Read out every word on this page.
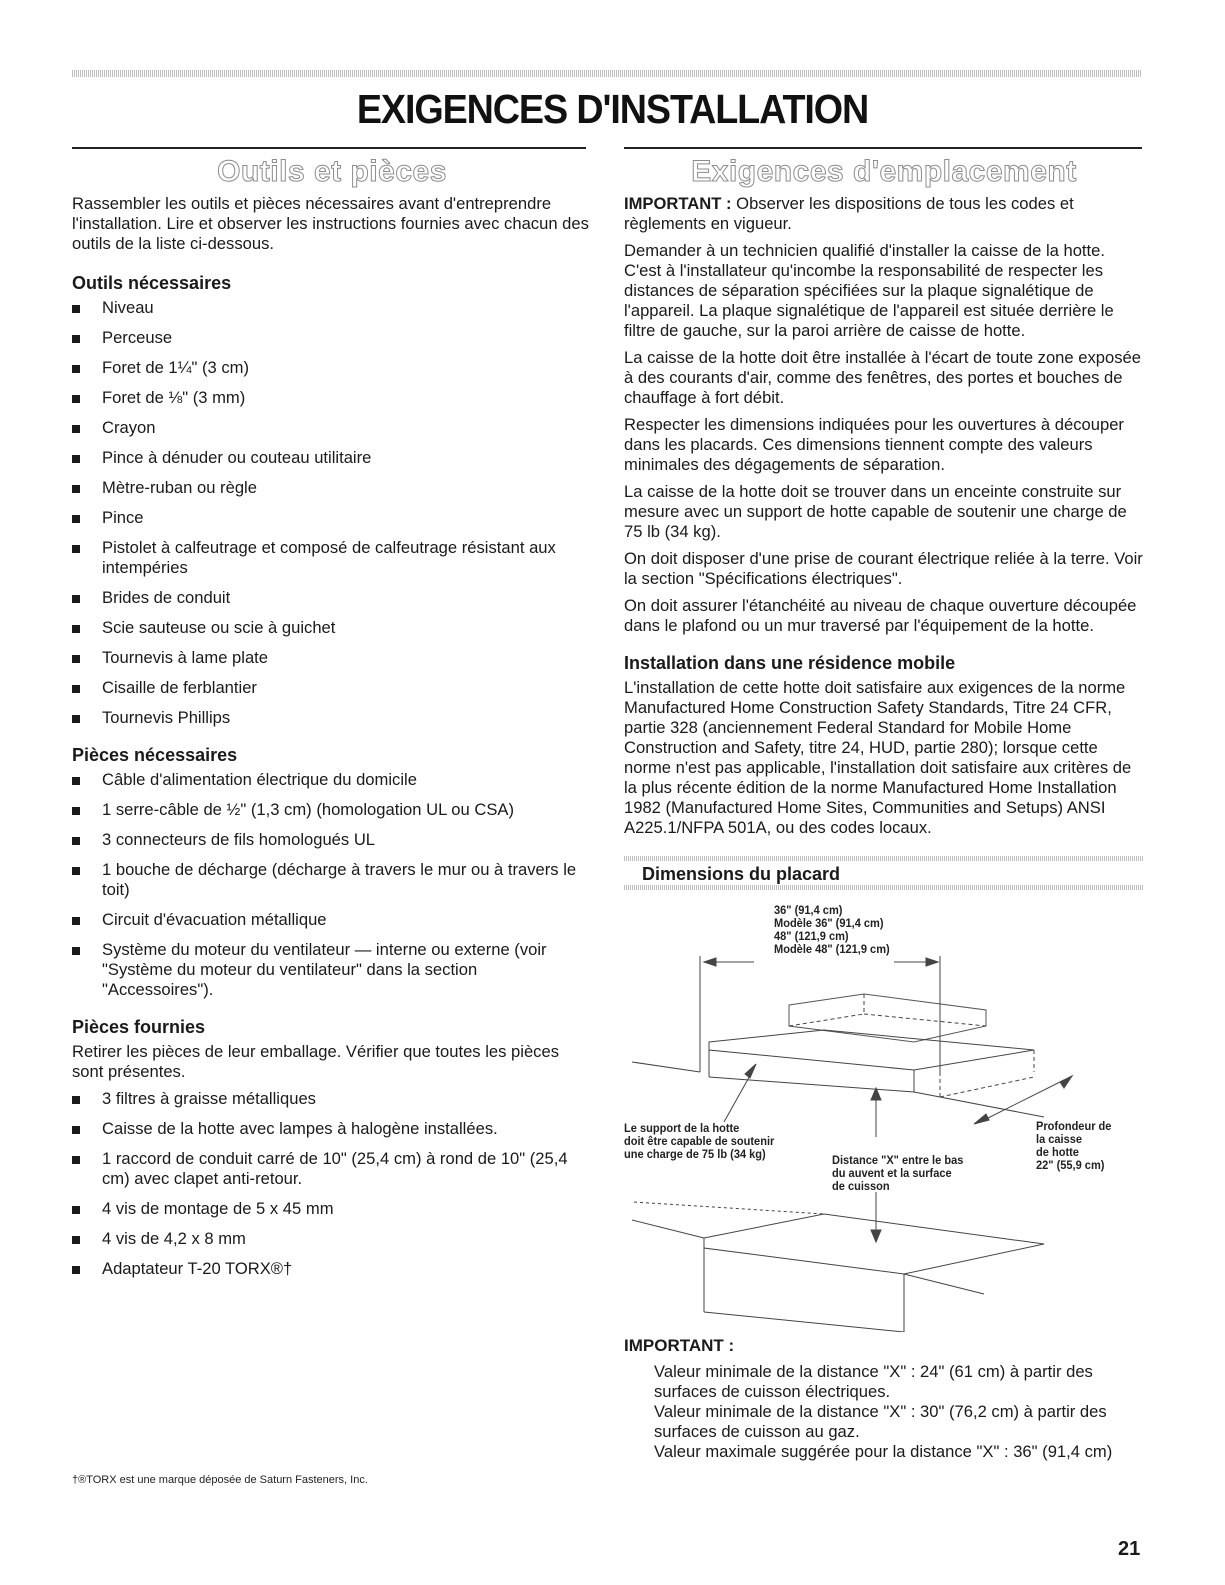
EXIGENCES D'INSTALLATION
Outils et pièces

Rassembler les outils et pièces nécessaires avant d'entreprendre l'installation. Lire et observer les instructions fournies avec chacun des outils de la liste ci-dessous.

Outils nécessaires
Niveau
Perceuse
Foret de 1¼" (3 cm)
Foret de ⅛" (3 mm)
Crayon
Pince à dénuder ou couteau utilitaire
Mètre-ruban ou règle
Pince
Pistolet à calfeutrage et composé de calfeutrage résistant aux intempéries
Brides de conduit
Scie sauteuse ou scie à guichet
Tournevis à lame plate
Cisaille de ferblantier
Tournevis Phillips
Pièces nécessaires
Câble d'alimentation électrique du domicile
1 serre-câble de ½" (1,3 cm) (homologation UL ou CSA)
3 connecteurs de fils homologués UL
1 bouche de décharge (décharge à travers le mur ou à travers le toit)
Circuit d'évacuation métallique
Système du moteur du ventilateur — interne ou externe (voir "Système du moteur du ventilateur" dans la section "Accessoires").
Pièces fournies

Retirer les pièces de leur emballage. Vérifier que toutes les pièces sont présentes.

3 filtres à graisse métalliques
Caisse de la hotte avec lampes à halogène installées.
1 raccord de conduit carré de 10" (25,4 cm) à rond de 10" (25,4 cm) avec clapet anti-retour.
4 vis de montage de 5 x 45 mm
4 vis de 4,2 x 8 mm
Adaptateur T-20 TORX®†
†®TORX est une marque déposée de Saturn Fasteners, Inc.
Exigences d'emplacement

IMPORTANT : Observer les dispositions de tous les codes et règlements en vigueur.

Demander à un technicien qualifié d'installer la caisse de la hotte. C'est à l'installateur qu'incombe la responsabilité de respecter les distances de séparation spécifiées sur la plaque signalétique de l'appareil. La plaque signalétique de l'appareil est située derrière le filtre de gauche, sur la paroi arrière de caisse de hotte.

La caisse de la hotte doit être installée à l'écart de toute zone exposée à des courants d'air, comme des fenêtres, des portes et bouches de chauffage à fort débit.

Respecter les dimensions indiquées pour les ouvertures à découper dans les placards. Ces dimensions tiennent compte des valeurs minimales des dégagements de séparation.

La caisse de la hotte doit se trouver dans un enceinte construite sur mesure avec un support de hotte capable de soutenir une charge de 75 lb (34 kg).

On doit disposer d'une prise de courant électrique reliée à la terre. Voir la section "Spécifications électriques".

On doit assurer l'étanchéité au niveau de chaque ouverture découpée dans le plafond ou un mur traversé par l'équipement de la hotte.

Installation dans une résidence mobile

L'installation de cette hotte doit satisfaire aux exigences de la norme Manufactured Home Construction Safety Standards, Titre 24 CFR, partie 328 (anciennement Federal Standard for Mobile Home Construction and Safety, titre 24, HUD, partie 280); lorsque cette norme n'est pas applicable, l'installation doit satisfaire aux critères de la plus récente édition de la norme Manufactured Home Installation 1982 (Manufactured Home Sites, Communities and Setups) ANSI A225.1/NFPA 501A, ou des codes locaux.

Dimensions du placard
36" (91,4 cm)
Modèle 36" (91,4 cm)
48" (121,9 cm)
Modèle 48" (121,9 cm)
Le support de la hotte
doit être capable de soutenir
une charge de 75 lb (34 kg)	Distance "X" entre le bas
du auvent et la surface
de cuisson
Profondeur de
la caisse
de hotte
22" (55,9 cm)
IMPORTANT :

Valeur minimale de la distance "X" : 24" (61 cm) à partir des surfaces de cuisson électriques.

Valeur minimale de la distance "X" : 30" (76,2 cm) à partir des surfaces de cuisson au gaz.

Valeur maximale suggérée pour la distance "X" : 36" (91,4 cm)

21
